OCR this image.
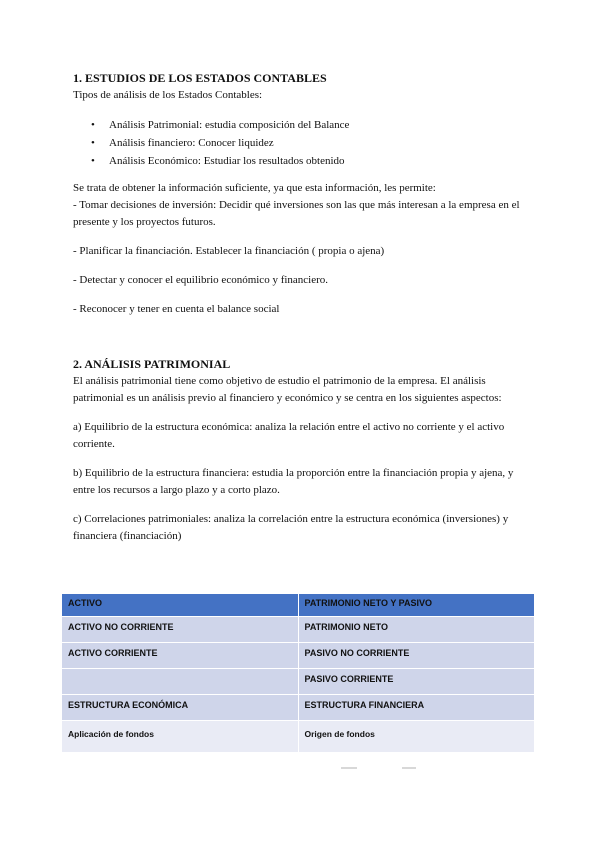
1. ESTUDIOS DE LOS ESTADOS CONTABLES

Tipos de análisis de los Estados Contables:

• Análisis Patrimonial: estudia composición del Balance
• Análisis financiero: Conocer liquidez
• Análisis Económico: Estudiar los resultados obtenido

Se trata de obtener la información suficiente, ya que esta información, les permite:

- Tomar decisiones de inversión: Decidir qué inversiones son las que más interesan a la empresa en el presente y los proyectos futuros.

- Planificar la financiación. Establecer la financiación ( propia o ajena)

- Detectar y conocer el equilibrio económico y financiero.

- Reconocer y tener en cuenta el balance social

2. ANÁLISIS PATRIMONIAL

El análisis patrimonial tiene como objetivo de estudio el patrimonio de la empresa. El análisis patrimonial es un análisis previo al financiero y económico y se centra en los siguientes aspectos:

a) Equilibrio de la estructura económica: analiza la relación entre el activo no corriente y el activo corriente.

b) Equilibrio de la estructura financiera: estudia la proporción entre la financiación propia y ajena, y entre los recursos a largo plazo y a corto plazo.

c) Correlaciones patrimoniales: analiza la correlación entre la estructura económica (inversiones) y financiera (financiación)

ACTIVO	PATRIMONIO NETO Y PASIVO
ACTIVO NO CORRIENTE	PATRIMONIO NETO
ACTIVO CORRIENTE	PASIVO NO CORRIENTE
	PASIVO CORRIENTE
ESTRUCTURA ECONÓMICA	ESTRUCTURA FINANCIERA
Aplicación de fondos	Origen de fondos
